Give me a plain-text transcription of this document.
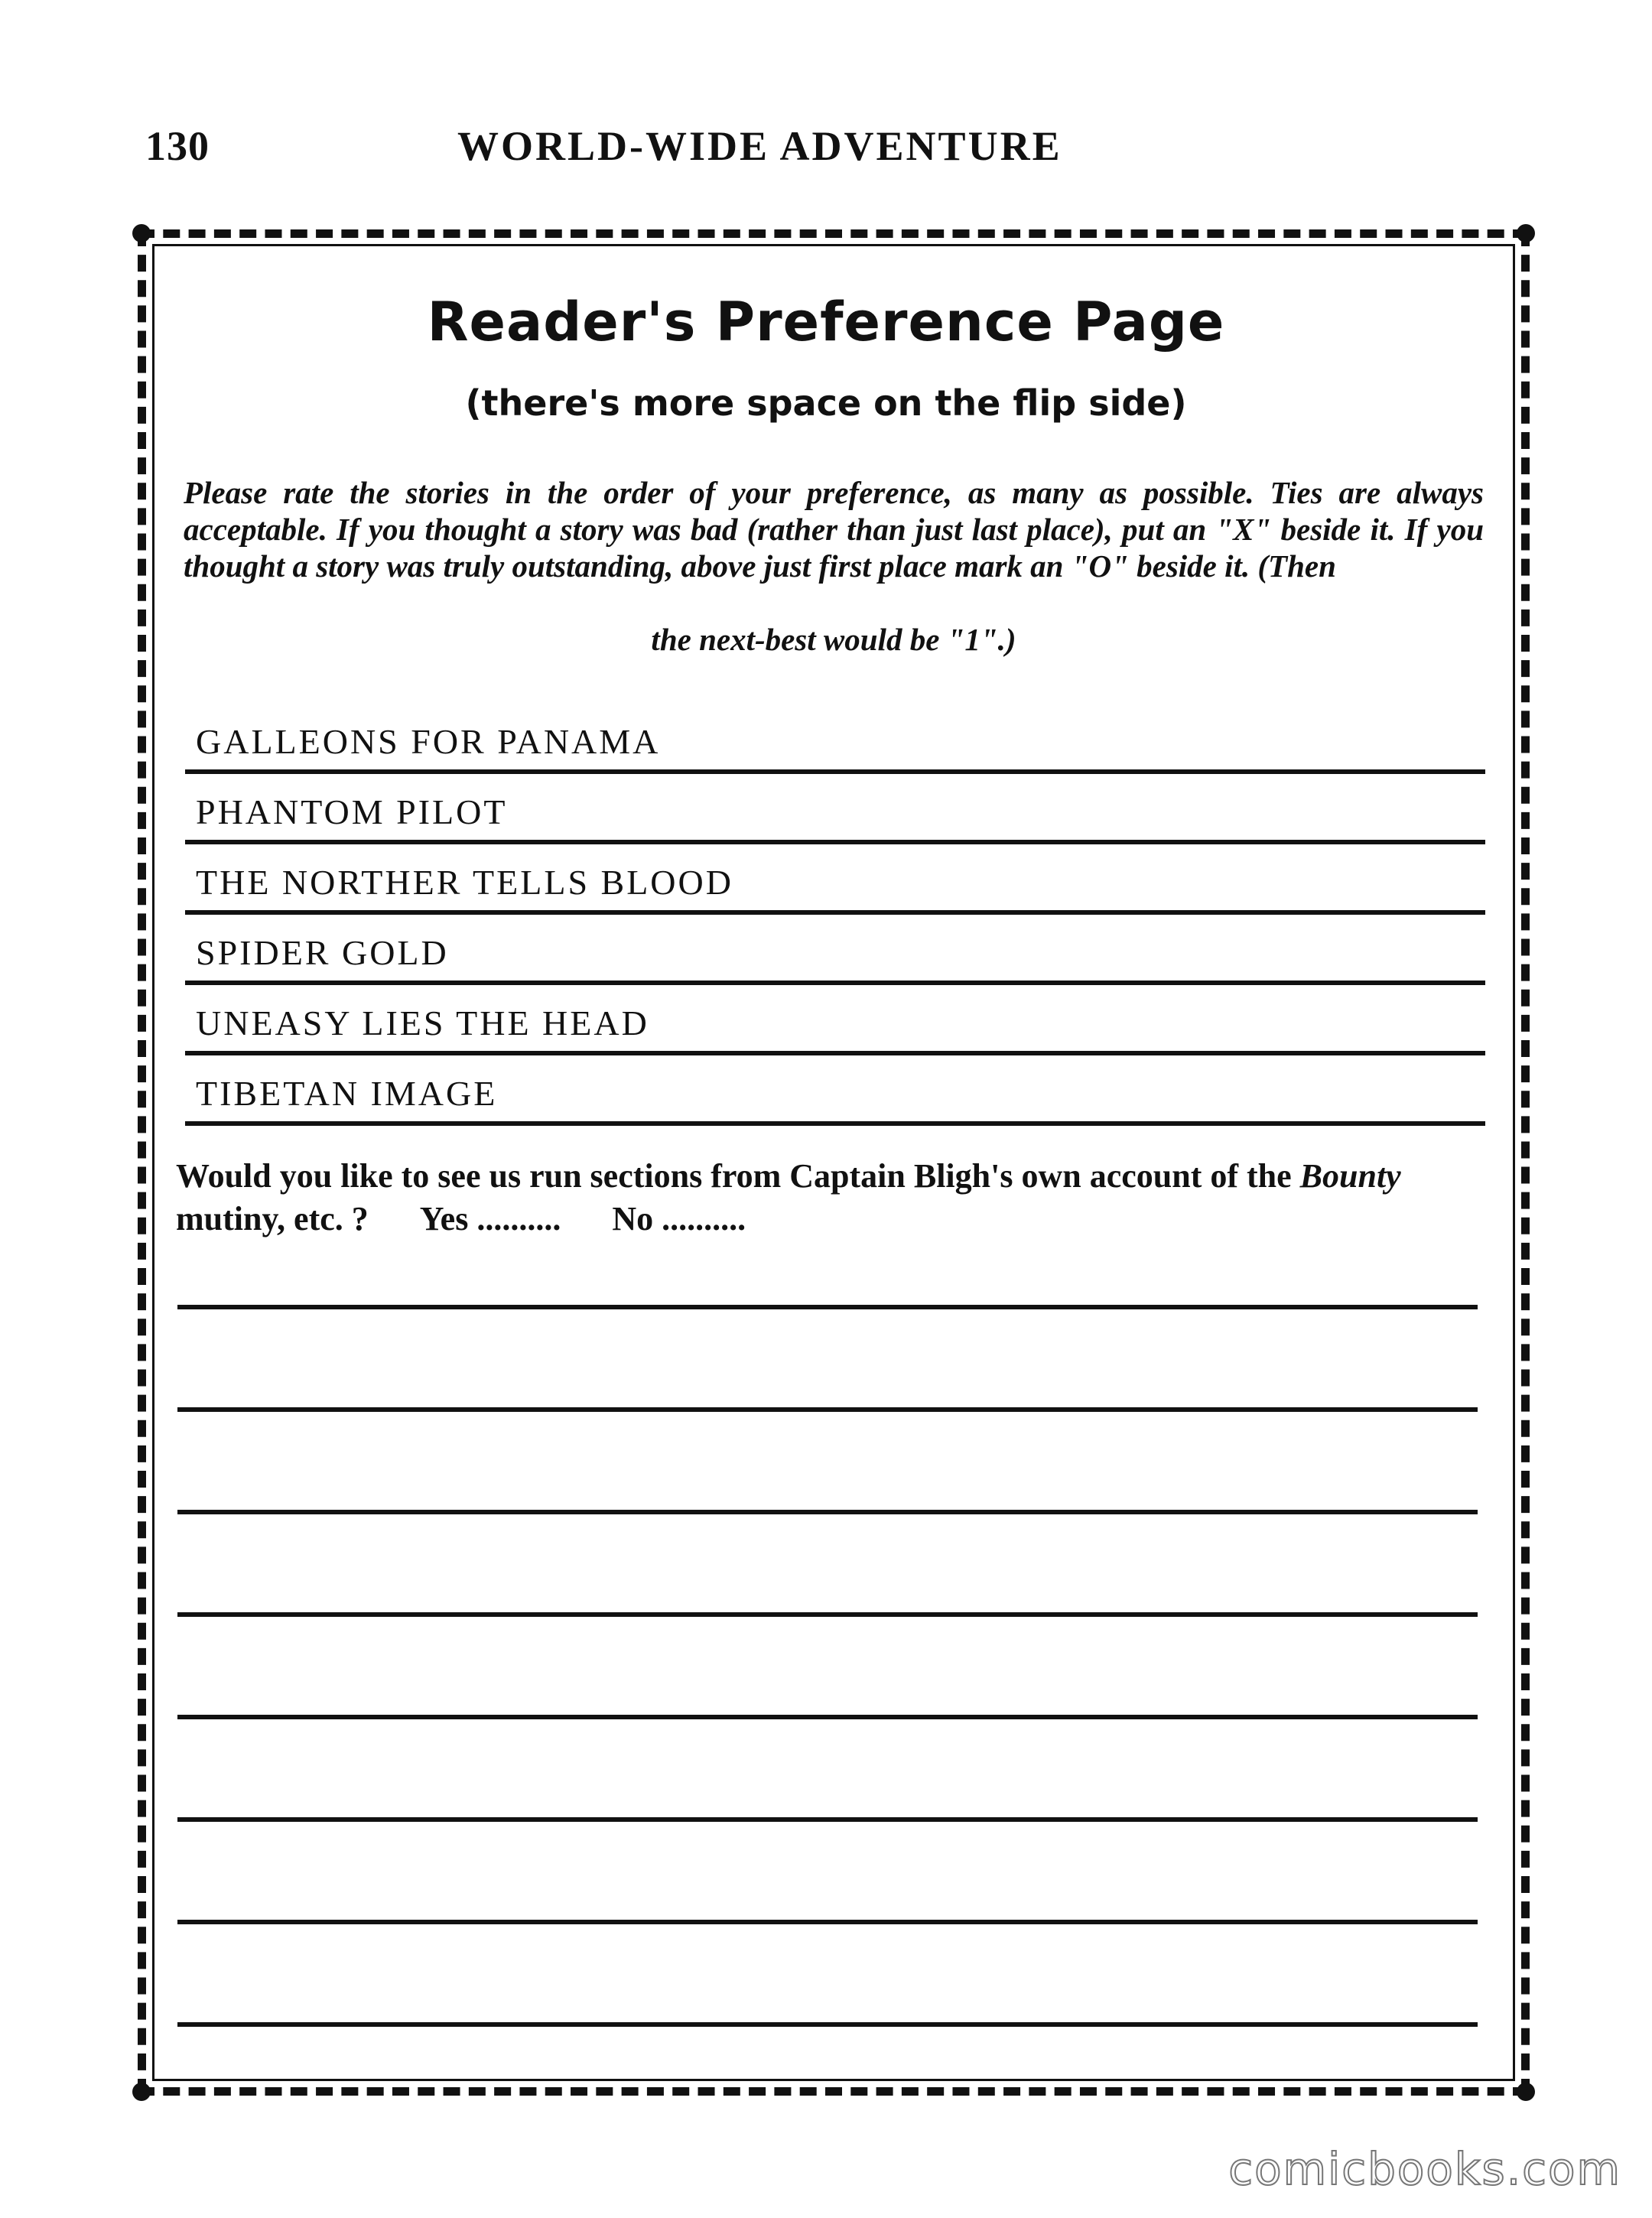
130	WORLD-WIDE ADVENTURE
Reader's Preference Page
(there's more space on the flip side)
Please rate the stories in the order of your preference, as many as possible. Ties are always acceptable. If you thought a story was bad (rather than just last place), put an "X" beside it. If you thought a story was truly outstanding, above just first place mark an "O" beside it. (Then
the next-best would be "1".)
GALLEONS FOR PANAMA
PHANTOM PILOT
THE NORTHER TELLS BLOOD
SPIDER GOLD
UNEASY LIES THE HEAD
TIBETAN IMAGE
Would you like to see us run sections from Captain Bligh's own account of the Bounty mutiny, etc. ? Yes .......... No ..........
comicbooks.com
